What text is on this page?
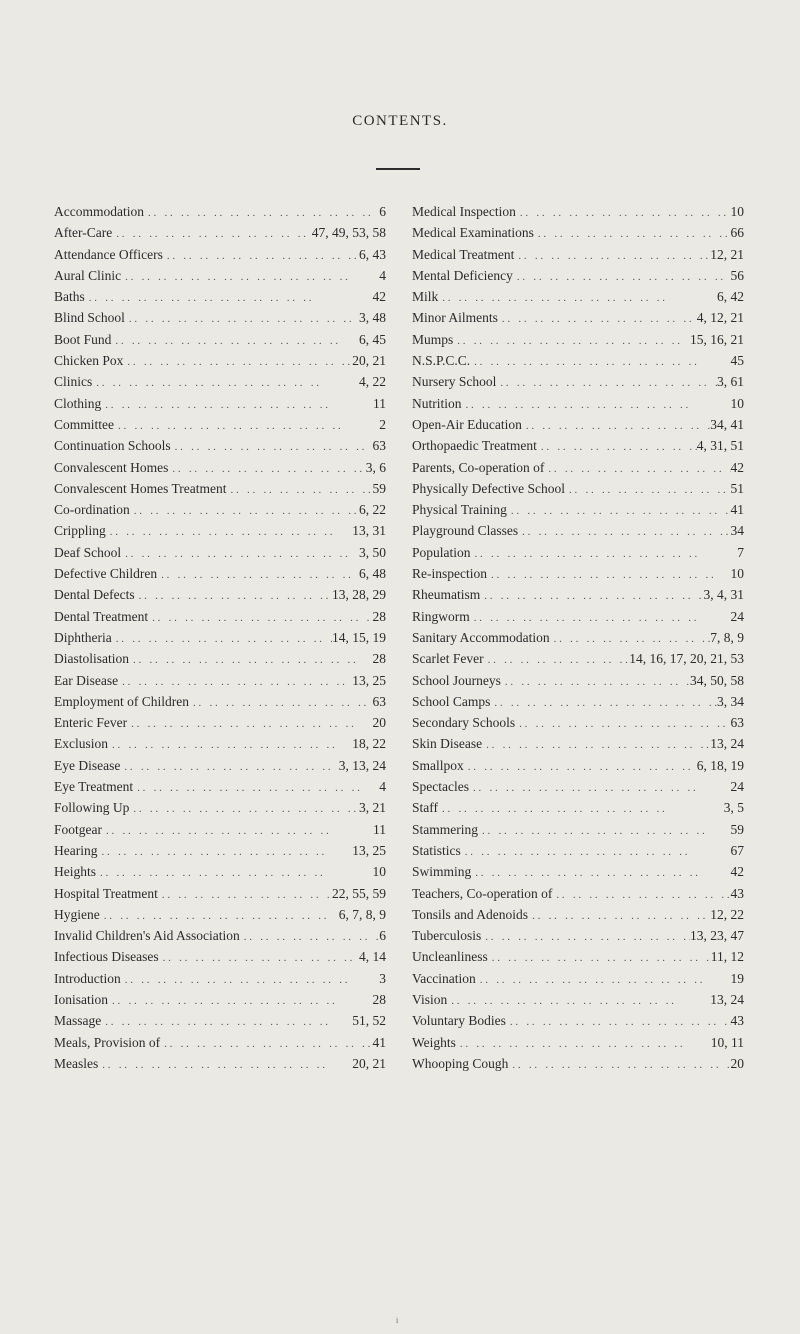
CONTENTS.
Accommodation . .	6
After-Care . .	47, 49, 53, 58
Attendance Officers . .	6, 43
Aural Clinic . .	4
Baths . .	42
Blind School . .	3, 48
Boot Fund . .	6, 45
Chicken Pox . .	20, 21
Clinics . .	4, 22
Clothing . .	11
Committee . .	2
Continuation Schools . .	63
Convalescent Homes . .	3, 6
Convalescent Homes Treatment . .	59
Co-ordination . .	6, 22
Crippling . .	13, 31
Deaf School . .	3, 50
Defective Children . .	6, 48
Dental Defects . .	13, 28, 29
Dental Treatment . .	28
Diphtheria . .	14, 15, 19
Diastolisation . .	28
Ear Disease . .	13, 25
Employment of Children . .	63
Enteric Fever . .	20
Exclusion . .	18, 22
Eye Disease . .	3, 13, 24
Eye Treatment . .	4
Following Up . .	3, 21
Footgear . .	11
Hearing . .	13, 25
Heights . .	10
Hospital Treatment . .	22, 55, 59
Hygiene . .	6, 7, 8, 9
Invalid Children's Aid Association . .	6
Infectious Diseases . .	4, 14
Introduction . .	3
Ionisation . .	28
Massage . .	51, 52
Meals, Provision of . .	41
Measles . .	20, 21
Medical Inspection . .	10
Medical Examinations . .	66
Medical Treatment . .	12, 21
Mental Deficiency . .	56
Milk . .	6, 42
Minor Ailments . .	4, 12, 21
Mumps . .	15, 16, 21
N.S.P.C.C. . .	45
Nursery School . .	3, 61
Nutrition . .	10
Open-Air Education . .	34, 41
Orthopaedic Treatment . .	4, 31, 51
Parents, Co-operation of . .	42
Physically Defective School . .	51
Physical Training . .	41
Playground Classes . .	34
Population . .	7
Re-inspection . .	10
Rheumatism . .	3, 4, 31
Ringworm . .	24
Sanitary Accommodation . .	7, 8, 9
Scarlet Fever . .	14, 16, 17, 20, 21, 53
School Journeys . .	34, 50, 58
School Camps . .	3, 34
Secondary Schools . .	63
Skin Disease . .	13, 24
Smallpox . .	6, 18, 19
Spectacles . .	24
Staff . .	3, 5
Stammering . .	59
Statistics . .	67
Swimming . .	42
Teachers, Co-operation of . .	43
Tonsils and Adenoids . .	12, 22
Tuberculosis . .	13, 23, 47
Uncleanliness . .	11, 12
Vaccination . .	19
Vision . .	13, 24
Voluntary Bodies . .	43
Weights . .	10, 11
Whooping Cough . .	20
i
